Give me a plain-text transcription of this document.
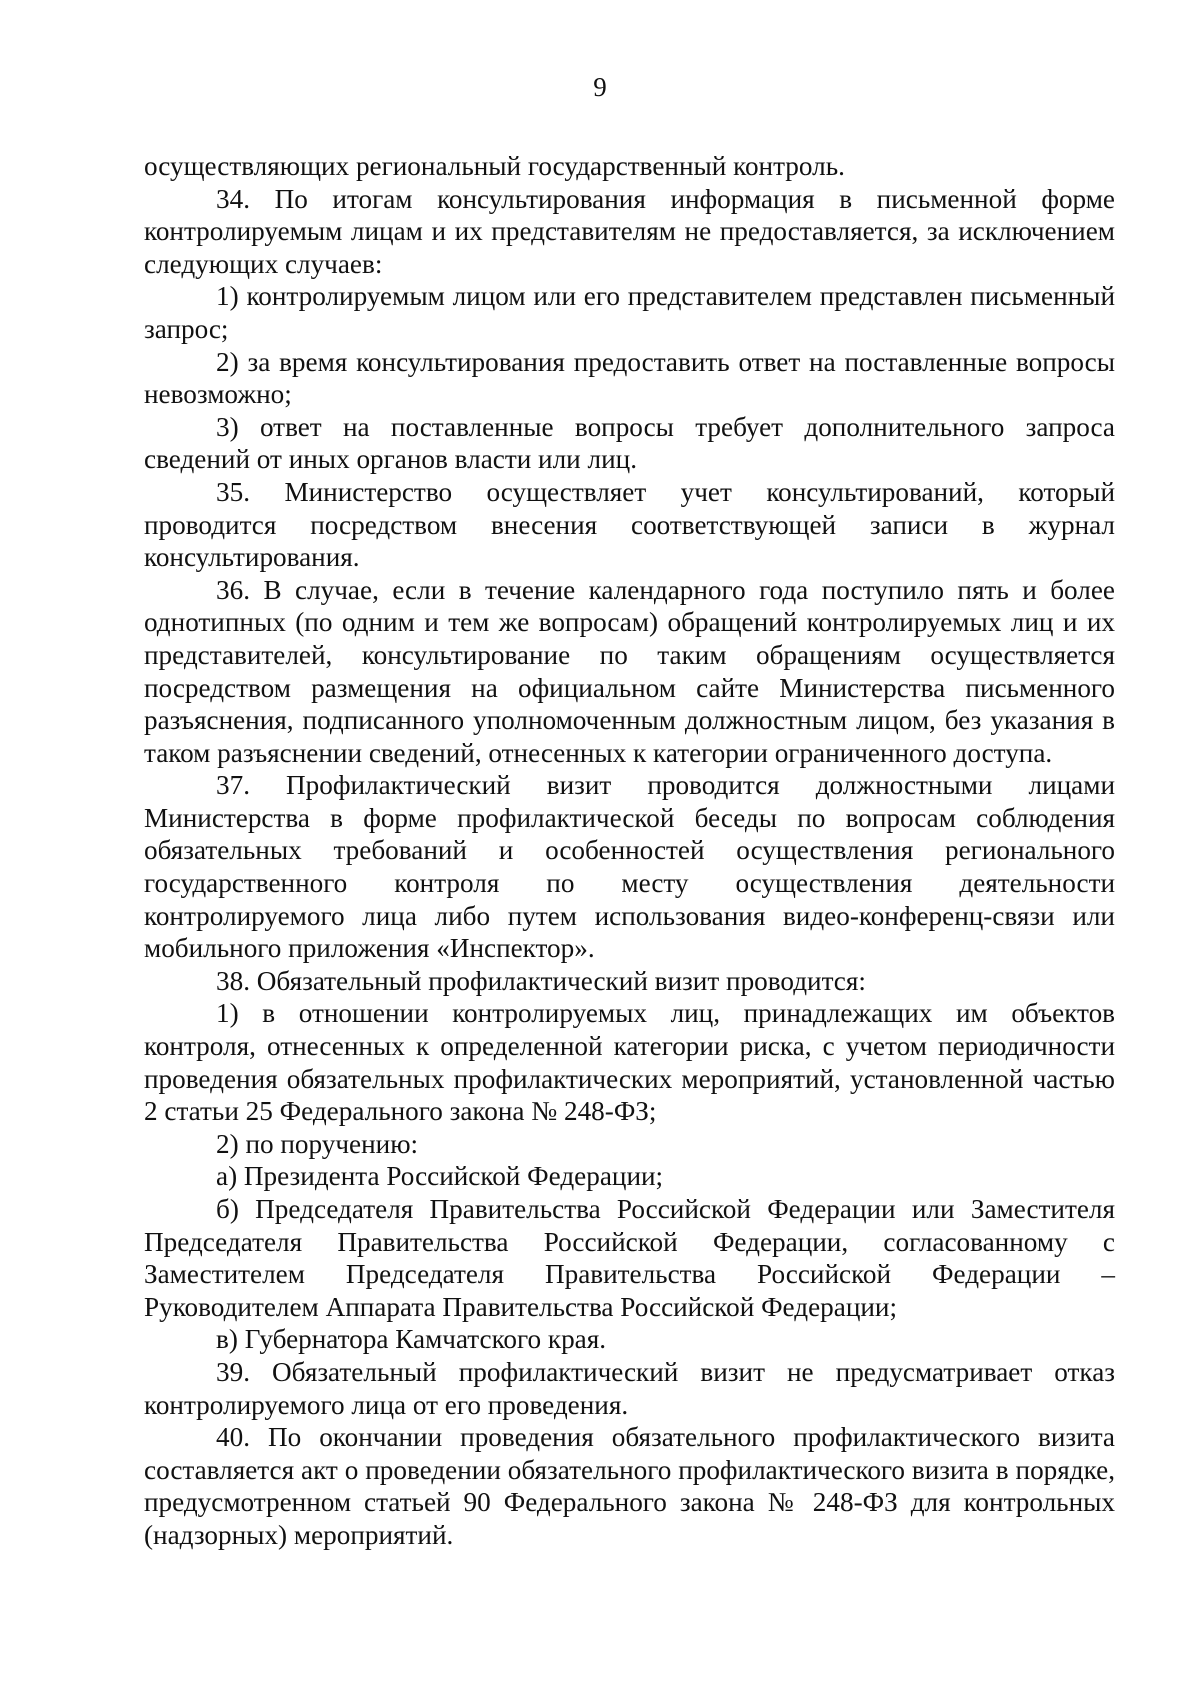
9

осуществляющих региональный государственный контроль.

34. По итогам консультирования информация в письменной форме контролируемым лицам и их представителям не предоставляется, за исключением следующих случаев:

1) контролируемым лицом или его представителем представлен письменный запрос;

2) за время консультирования предоставить ответ на поставленные вопросы невозможно;

3) ответ на поставленные вопросы требует дополнительного запроса сведений от иных органов власти или лиц.

35. Министерство осуществляет учет консультирований, который проводится посредством внесения соответствующей записи в журнал консультирования.

36. В случае, если в течение календарного года поступило пять и более однотипных (по одним и тем же вопросам) обращений контролируемых лиц и их представителей, консультирование по таким обращениям осуществляется посредством размещения на официальном сайте Министерства письменного разъяснения, подписанного уполномоченным должностным лицом, без указания в таком разъяснении сведений, отнесенных к категории ограниченного доступа.

37. Профилактический визит проводится должностными лицами Министерства в форме профилактической беседы по вопросам соблюдения обязательных требований и особенностей осуществления регионального государственного контроля по месту осуществления деятельности контролируемого лица либо путем использования видео-конференц-связи или мобильного приложения «Инспектор».

38. Обязательный профилактический визит проводится:

1) в отношении контролируемых лиц, принадлежащих им объектов контроля, отнесенных к определенной категории риска, с учетом периодичности проведения обязательных профилактических мероприятий, установленной частью 2 статьи 25 Федерального закона № 248-ФЗ;

2) по поручению:

а) Президента Российской Федерации;

б) Председателя Правительства Российской Федерации или Заместителя Председателя Правительства Российской Федерации, согласованному с Заместителем Председателя Правительства Российской Федерации – Руководителем Аппарата Правительства Российской Федерации;

в) Губернатора Камчатского края.

39. Обязательный профилактический визит не предусматривает отказ контролируемого лица от его проведения.

40. По окончании проведения обязательного профилактического визита составляется акт о проведении обязательного профилактического визита в порядке, предусмотренном статьей 90 Федерального закона № 248-ФЗ для контрольных (надзорных) мероприятий.
